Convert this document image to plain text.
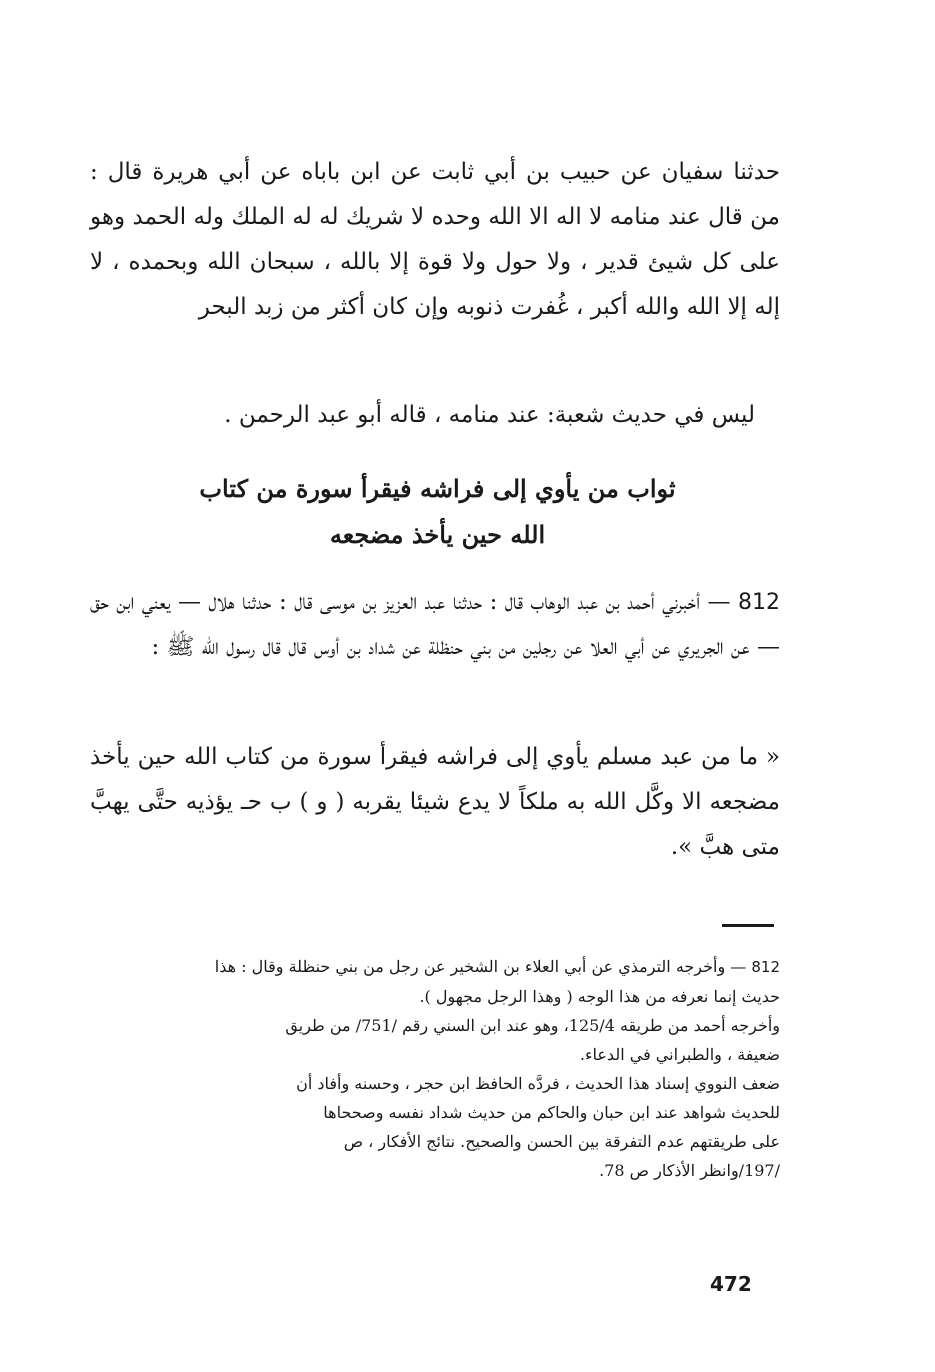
حدثنا سفيان عن حبيب بن أبي ثابت عن ابن باباه عن أبي هريرة قال : من قال عند منامه لا اله الا الله وحده لا شريك له له الملك وله الحمد وهو على كل شيئ قدير ، ولا حول ولا قوة إلا بالله ، سبحان الله وبحمده ، لا إله إلا الله والله أكبر ، غُفرت ذنوبه وإن كان أكثر من زبد البحر
ليس في حديث شعبة: عند منامه ، قاله أبو عبد الرحمن .
ثواب من يأوي إلى فراشه فيقرأ سورة من كتاب
الله حين يأخذ مضجعه
812 — أخبرني أحمد بن عبد الوهاب قال : حدثنا عبد العزيز بن موسى قال : حدثنا هلال — يعني ابن حق — عن الجريري عن أبي العلا عن رجلين من بني حنظلة عن شداد بن أوس قال قال رسول الله ﷺ :
« ما من عبد مسلم يأوي إلى فراشه فيقرأ سورة من كتاب الله حين يأخذ مضجعه الا وكَّل الله به ملكاً لا يدع شيئا يقربه ( و ) ب حـ يؤذيه حتَّى يهبَّ متى هبَّ ».
812 — وأخرجه الترمذي عن أبي العلاء بن الشخير عن رجل من بني حنظلة وقال : هذا
حديث إنما نعرفه من هذا الوجه ( وهذا الرجل مجهول ).
وأخرجه أحمد من طريقه 125/4، وهو عند ابن السني رقم /751/ من طريق
ضعيفة ، والطبراني في الدعاء.
ضعف النووي إسناد هذا الحديث ، فردَّه الحافظ ابن حجر ، وحسنه وأفاد أن
للحديث شواهد عند ابن حبان والحاكم من حديث شداد نفسه وصححاها
على طريقتهم عدم التفرقة بين الحسن والصحيح. نتائج الأفكار ، ص
/197/وانظر الأذكار ص 78.
472
